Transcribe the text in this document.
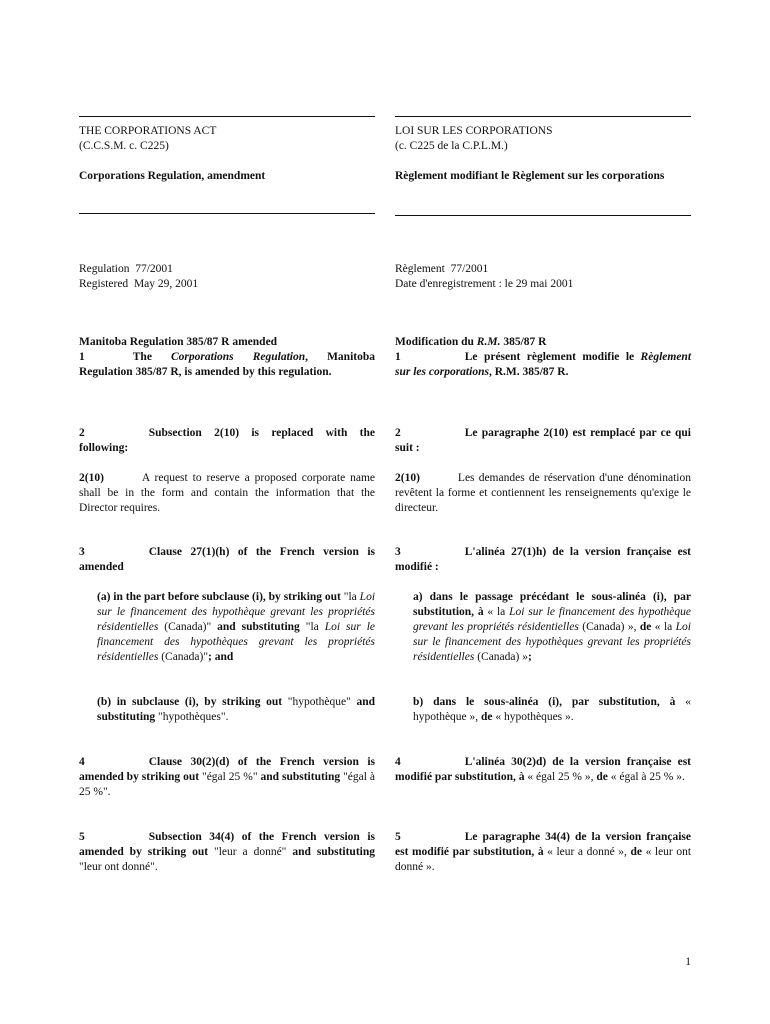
THE CORPORATIONS ACT

(C.C.S.M. c. C225)

Corporations Regulation, amendment

Regulation 77/2001

Registered May 29, 2001

Manitoba Regulation 385/87 R amended

1	The Corporations Regulation, Manitoba Regulation 385/87 R, is amended by this regulation.

2	Subsection 2(10) is replaced with the following:

2(10)	A request to reserve a proposed corporate name shall be in the form and contain the information that the Director requires.

3	Clause 27(1)(h) of the French version is amended

(a) in the part before subclause (i), by striking out "la Loi sur le financement des hypothèque grevant les propriétés résidentielles (Canada)" and substituting "la Loi sur le financement des hypothèques grevant les propriétés résidentielles (Canada)"; and

(b) in subclause (i), by striking out "hypothèque" and substituting "hypothèques".

4	Clause 30(2)(d) of the French version is amended by striking out "égal 25 %" and substituting "égal à 25 %".

5	Subsection 34(4) of the French version is amended by striking out "leur a donné" and substituting "leur ont donné".

LOI SUR LES CORPORATIONS

(c. C225 de la C.P.L.M.)

Règlement modifiant le Règlement sur les corporations

Règlement 77/2001

Date d'enregistrement : le 29 mai 2001

Modification du R.M. 385/87 R

1	Le présent règlement modifie le Règlement sur les corporations, R.M. 385/87 R.

2	Le paragraphe 2(10) est remplacé par ce qui suit :

2(10)	Les demandes de réservation d'une dénomination revêtent la forme et contiennent les renseignements qu'exige le directeur.

3	L'alinéa 27(1)h) de la version française est modifié :

a) dans le passage précédant le sous-alinéa (i), par substitution, à « la Loi sur le financement des hypothèque grevant les propriétés résidentielles (Canada) », de « la Loi sur le financement des hypothèques grevant les propriétés résidentielles (Canada) »;

b) dans le sous-alinéa (i), par substitution, à « hypothèque », de « hypothèques ».

4	L'alinéa 30(2)d) de la version française est modifié par substitution, à « égal 25 % », de « égal à 25 % ».

5	Le paragraphe 34(4) de la version française est modifié par substitution, à « leur a donné », de « leur ont donné ».

1
